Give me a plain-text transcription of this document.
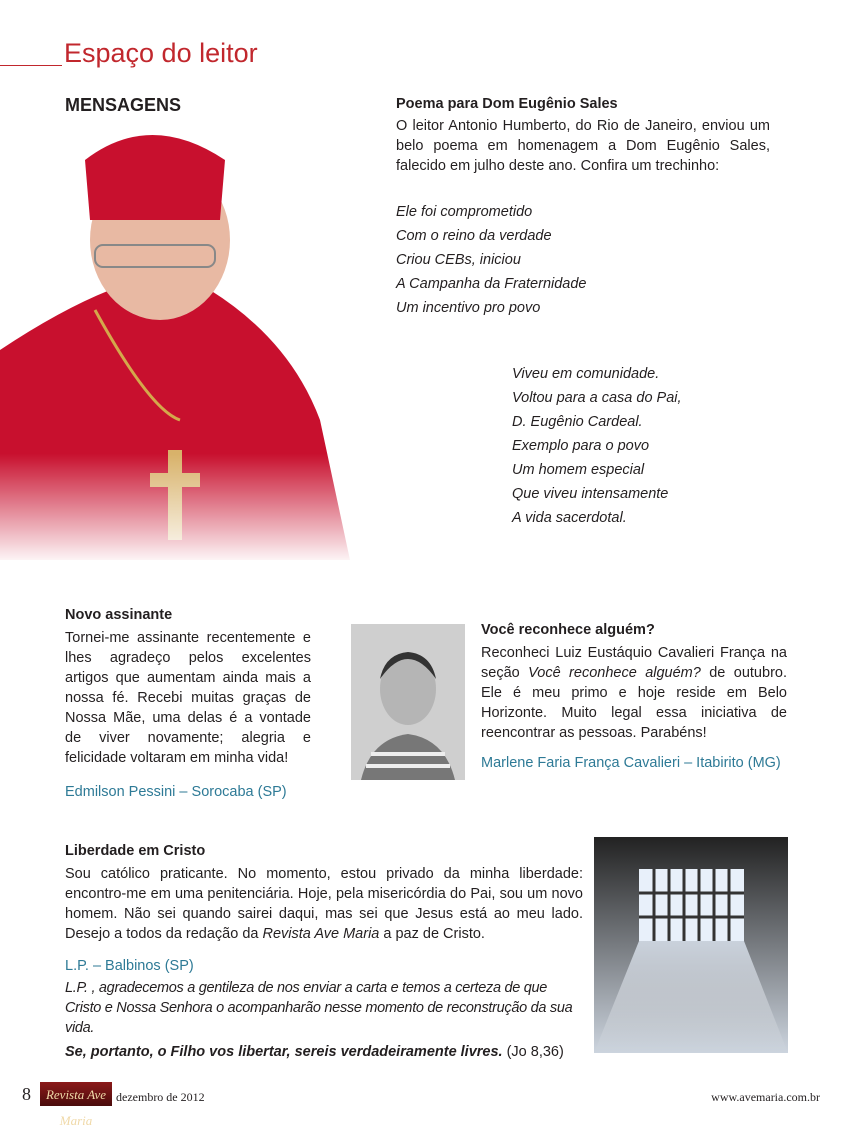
Espaço do leitor
MENSAGENS	Poema para Dom Eugênio Sales

O leitor Antonio Humberto, do Rio de Janeiro, enviou um belo poema em homenagem a Dom Eugênio Sales, falecido em julho deste ano. Confira um trechinho:

Ele foi comprometido
Com o reino da verdade
Criou CEBs, iniciou
A Campanha da Fraternidade
Um incentivo pro povo
Viveu em comunidade.
Voltou para a casa do Pai,
D. Eugênio Cardeal.
Exemplo para o povo
Um homem especial
Que viveu intensamente
A vida sacerdotal.
Novo assinante

Tornei-me assinante recentemente e lhes agradeço pelos excelentes artigos que aumentam ainda mais a nossa fé. Recebi muitas graças de Nossa Mãe, uma delas é a vontade de viver novamente; alegria e felicidade voltaram em minha vida!

Edmilson Pessini – Sorocaba (SP)
Você reconhece alguém?

Reconheci Luiz Eustáquio Cavalieri França na seção Você reconhece alguém? de outubro. Ele é meu primo e hoje reside em Belo Horizonte. Muito legal essa iniciativa de reencontrar as pessoas. Parabéns!

Marlene Faria França Cavalieri – Itabirito (MG)
Liberdade em Cristo

Sou católico praticante. No momento, estou privado da minha liberdade: encontro-me em uma penitenciária. Hoje, pela misericórdia do Pai, sou um novo homem. Não sei quando sairei daqui, mas sei que Jesus está ao meu lado. Desejo a todos da redação da Revista Ave Maria a paz de Cristo.

L.P. – Balbinos (SP)

L.P. , agradecemos a gentileza de nos enviar a carta e temos a certeza de que Cristo e Nossa Senhora o acompanharão nesse momento de reconstrução da sua vida.

Se, portanto, o Filho vos libertar, sereis verdadeiramente livres. (Jo 8,36)

8	Revista Ave Maria
dezembro de 2012	www.avemaria.com.br
